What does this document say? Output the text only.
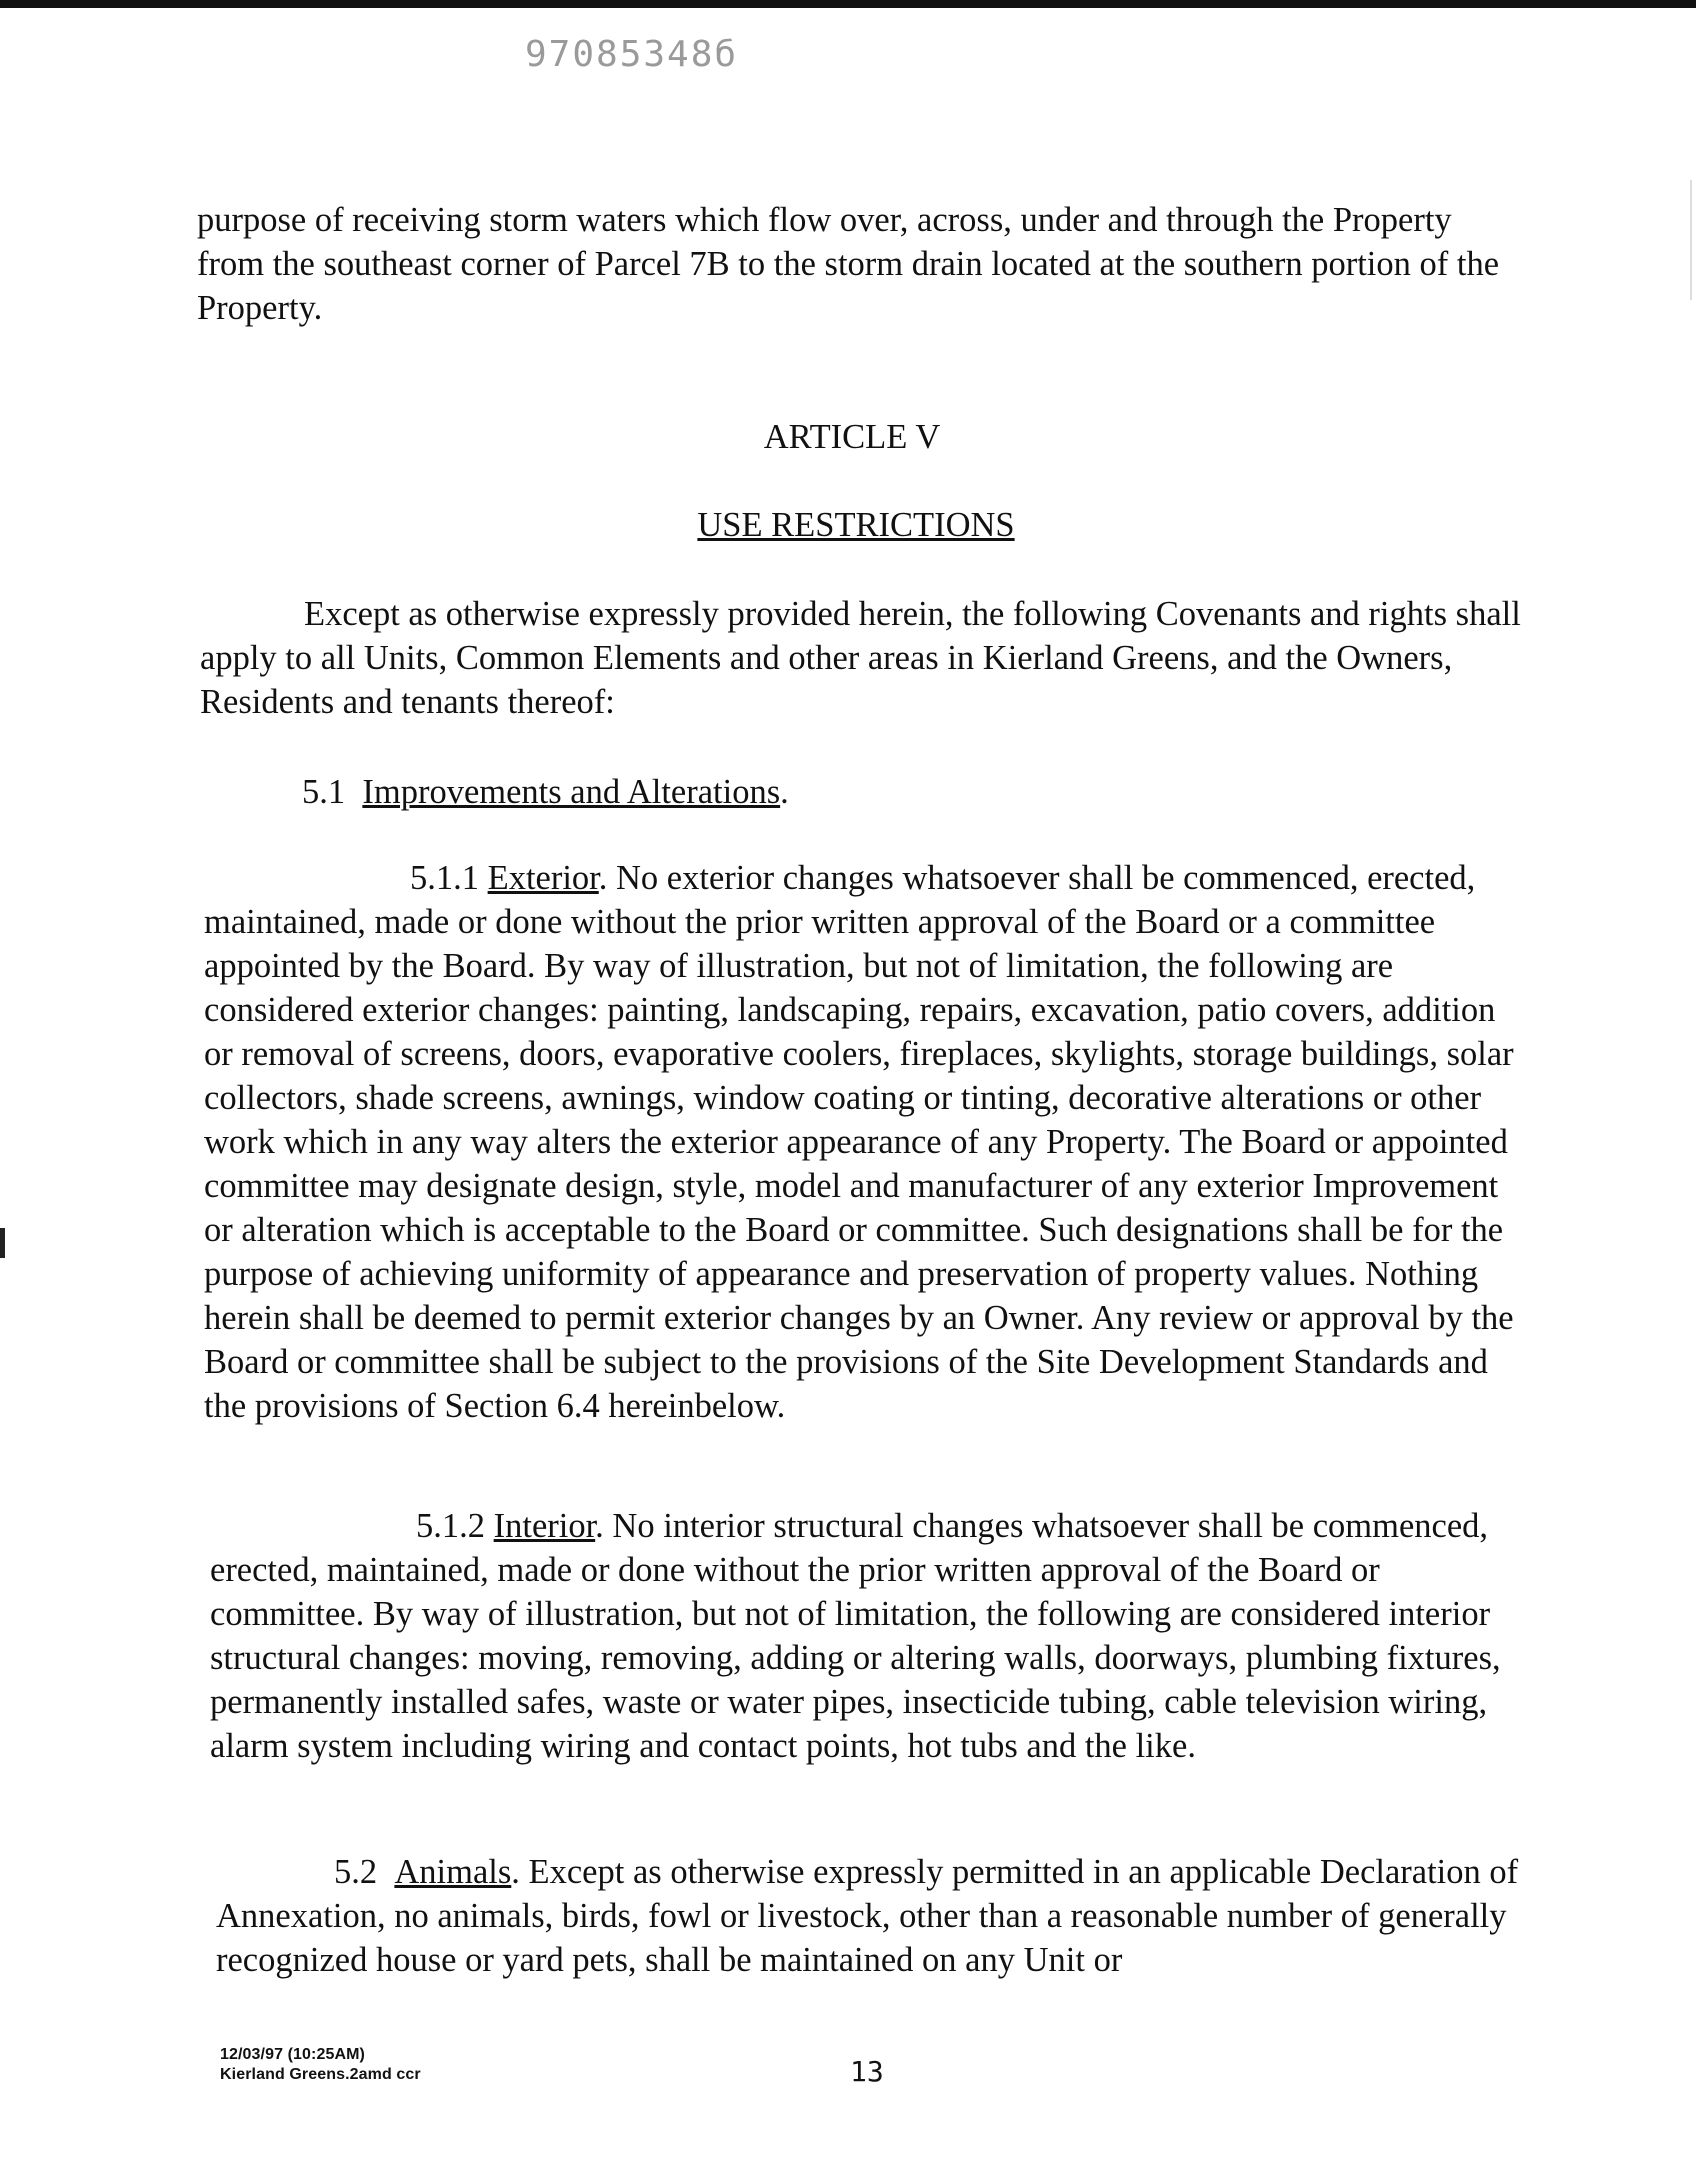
97085348б

purpose of receiving storm waters which flow over, across, under and through the Property from the southeast corner of Parcel 7B to the storm drain located at the southern portion of the Property.

ARTICLE V

USE RESTRICTIONS

Except as otherwise expressly provided herein, the following Covenants and rights shall apply to all Units, Common Elements and other areas in Kierland Greens, and the Owners, Residents and tenants thereof:

5.1 Improvements and Alterations.

5.1.1 Exterior. No exterior changes whatsoever shall be commenced, erected, maintained, made or done without the prior written approval of the Board or a committee appointed by the Board. By way of illustration, but not of limitation, the following are considered exterior changes: painting, landscaping, repairs, excavation, patio covers, addition or removal of screens, doors, evaporative coolers, fireplaces, skylights, storage buildings, solar collectors, shade screens, awnings, window coating or tinting, decorative alterations or other work which in any way alters the exterior appearance of any Property. The Board or appointed committee may designate design, style, model and manufacturer of any exterior Improvement or alteration which is acceptable to the Board or committee. Such designations shall be for the purpose of achieving uniformity of appearance and preservation of property values. Nothing herein shall be deemed to permit exterior changes by an Owner. Any review or approval by the Board or committee shall be subject to the provisions of the Site Development Standards and the provisions of Section 6.4 hereinbelow.

5.1.2 Interior. No interior structural changes whatsoever shall be commenced, erected, maintained, made or done without the prior written approval of the Board or committee. By way of illustration, but not of limitation, the following are considered interior structural changes: moving, removing, adding or altering walls, doorways, plumbing fixtures, permanently installed safes, waste or water pipes, insecticide tubing, cable television wiring, alarm system including wiring and contact points, hot tubs and the like.

5.2 Animals. Except as otherwise expressly permitted in an applicable Declaration of Annexation, no animals, birds, fowl or livestock, other than a reasonable number of generally recognized house or yard pets, shall be maintained on any Unit or

12/03/97 (10:25AM)
Kierland Greens.2amd ccr	13
